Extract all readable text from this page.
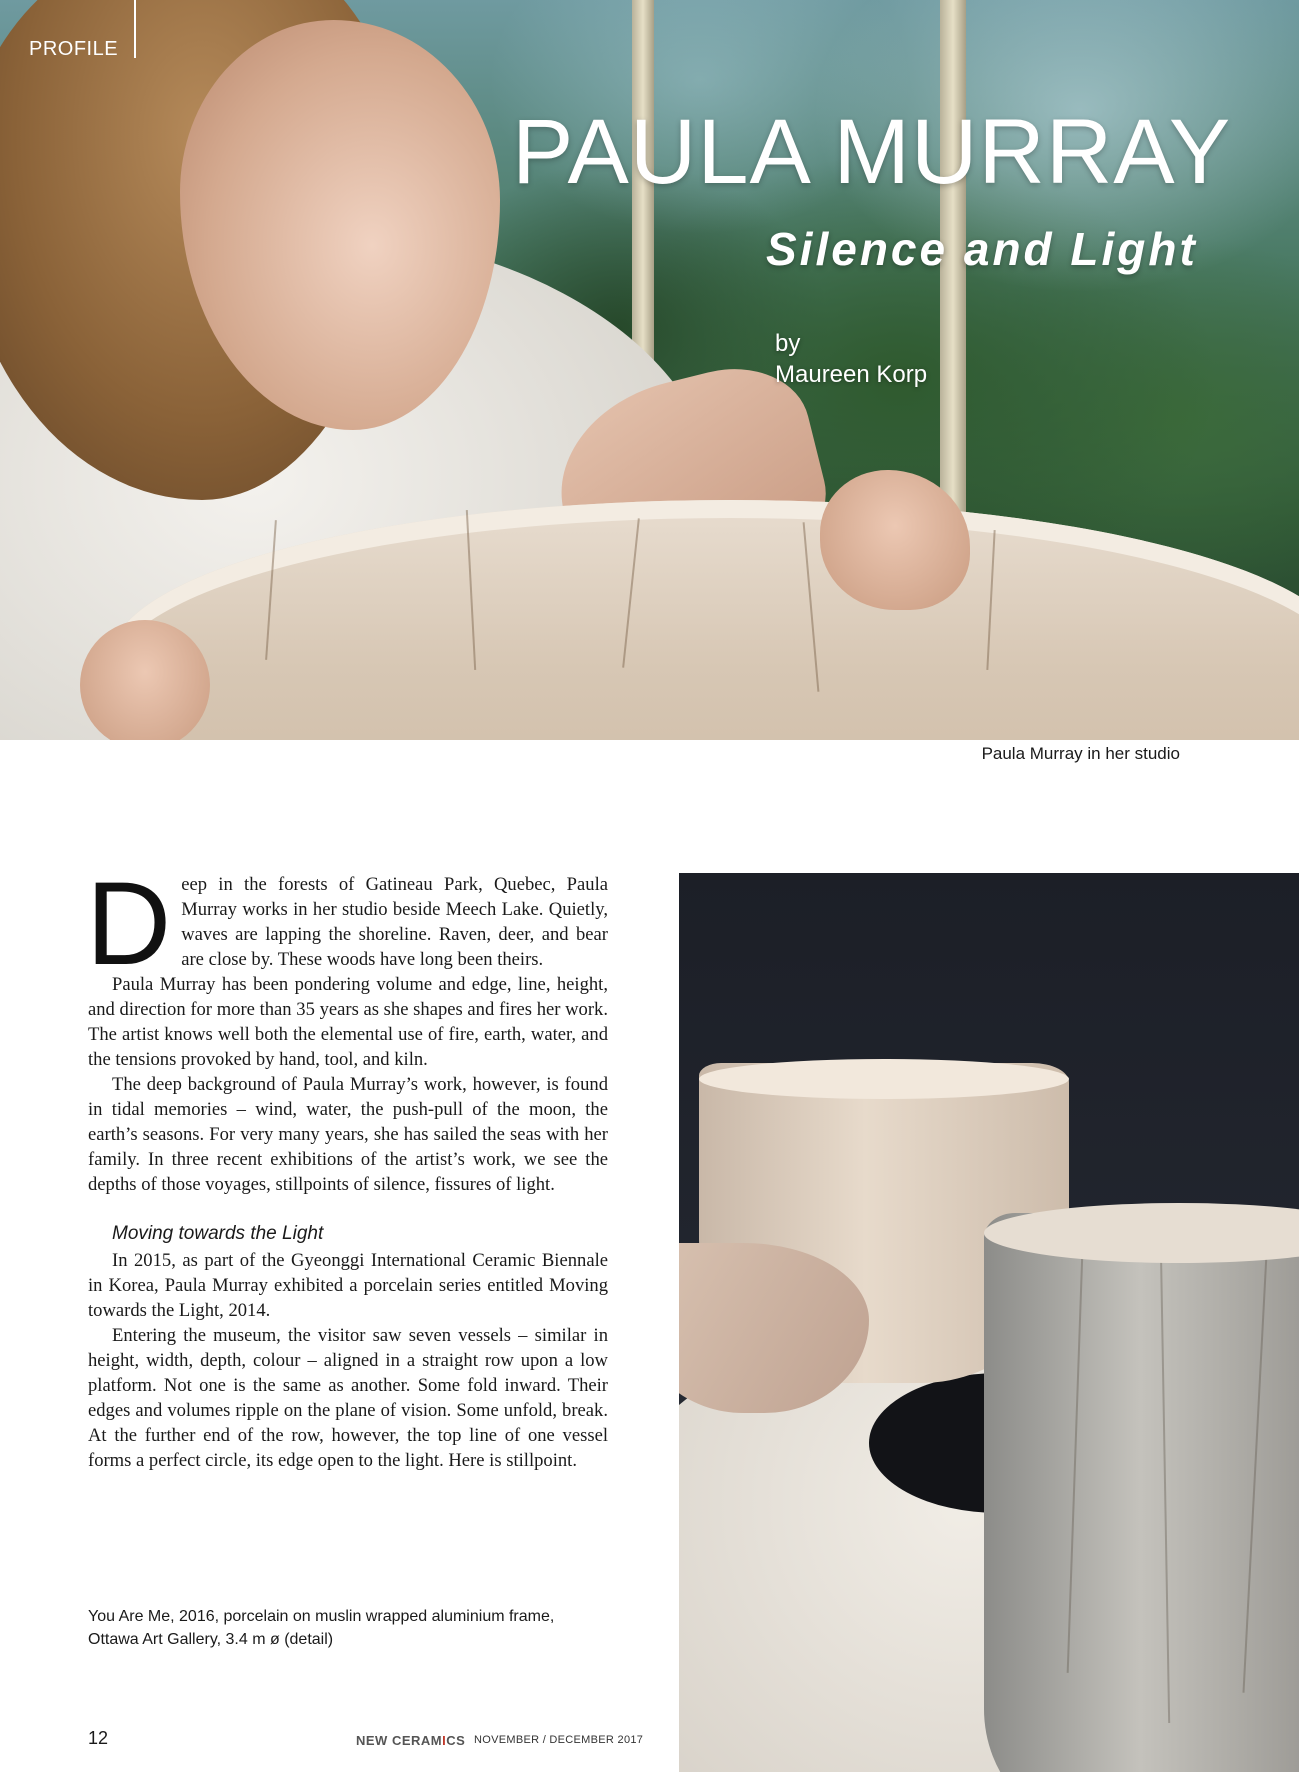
PROFILE
PAULA MURRAY
Silence and Light
by
Maureen Korp
Paula Murray in her studio

Deep in the forests of Gatineau Park, Quebec, Paula Murray works in her studio beside Meech Lake. Quietly, waves are lapping the shoreline. Raven, deer, and bear are close by. These woods have long been theirs.

Paula Murray has been pondering volume and edge, line, height, and direction for more than 35 years as she shapes and fires her work. The artist knows well both the elemental use of fire, earth, water, and the tensions provoked by hand, tool, and kiln.

The deep background of Paula Murray’s work, however, is found in tidal memories – wind, water, the push-pull of the moon, the earth’s seasons. For very many years, she has sailed the seas with her family. In three recent exhibitions of the artist’s work, we see the depths of those voyages, stillpoints of silence, fissures of light.

Moving towards the Light

In 2015, as part of the Gyeonggi International Ceramic Biennale in Korea, Paula Murray exhibited a porcelain series entitled Moving towards the Light, 2014.

Entering the museum, the visitor saw seven vessels – similar in height, width, depth, colour – aligned in a straight row upon a low platform. Not one is the same as another. Some fold inward. Their edges and volumes ripple on the plane of vision. Some unfold, break. At the further end of the row, however, the top line of one vessel forms a perfect circle, its edge open to the light. Here is stillpoint.

You Are Me, 2016, porcelain on muslin wrapped aluminium frame,
Ottawa Art Gallery, 3.4 m ø (detail)
12	NEW CERAMICS NOVEMBER / DECEMBER 2017
